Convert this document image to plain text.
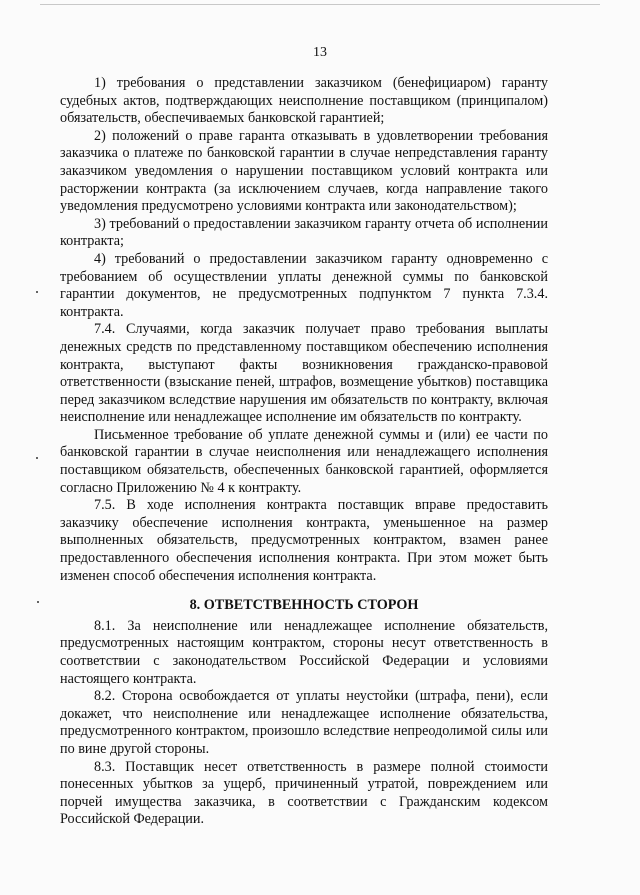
13

1) требования о представлении заказчиком (бенефициаром) гаранту судебных актов, подтверждающих неисполнение поставщиком (принципалом) обязательств, обеспечиваемых банковской гарантией;

2) положений о праве гаранта отказывать в удовлетворении требования заказчика о платеже по банковской гарантии в случае непредставления гаранту заказчиком уведомления о нарушении поставщиком условий контракта или расторжении контракта (за исключением случаев, когда направление такого уведомления предусмотрено условиями контракта или законодательством);

3) требований о предоставлении заказчиком гаранту отчета об исполнении контракта;

4) требований о предоставлении заказчиком гаранту одновременно с требованием об осуществлении уплаты денежной суммы по банковской гарантии документов, не предусмотренных подпунктом 7 пункта 7.3.4. контракта.

7.4. Случаями, когда заказчик получает право требования выплаты денежных средств по представленному поставщиком обеспечению исполнения контракта, выступают факты возникновения гражданско-правовой ответственности (взыскание пеней, штрафов, возмещение убытков) поставщика перед заказчиком вследствие нарушения им обязательств по контракту, включая неисполнение или ненадлежащее исполнение им обязательств по контракту.

Письменное требование об уплате денежной суммы и (или) ее части по банковской гарантии в случае неисполнения или ненадлежащего исполнения поставщиком обязательств, обеспеченных банковской гарантией, оформляется согласно Приложению № 4 к контракту.

7.5. В ходе исполнения контракта поставщик вправе предоставить заказчику обеспечение исполнения контракта, уменьшенное на размер выполненных обязательств, предусмотренных контрактом, взамен ранее предоставленного обеспечения исполнения контракта. При этом может быть изменен способ обеспечения исполнения контракта.

8. ОТВЕТСТВЕННОСТЬ СТОРОН

8.1. За неисполнение или ненадлежащее исполнение обязательств, предусмотренных настоящим контрактом, стороны несут ответственность в соответствии с законодательством Российской Федерации и условиями настоящего контракта.

8.2. Сторона освобождается от уплаты неустойки (штрафа, пени), если докажет, что неисполнение или ненадлежащее исполнение обязательства, предусмотренного контрактом, произошло вследствие непреодолимой силы или по вине другой стороны.

8.3. Поставщик несет ответственность в размере полной стоимости понесенных убытков за ущерб, причиненный утратой, повреждением или порчей имущества заказчика, в соответствии с Гражданским кодексом Российской Федерации.
